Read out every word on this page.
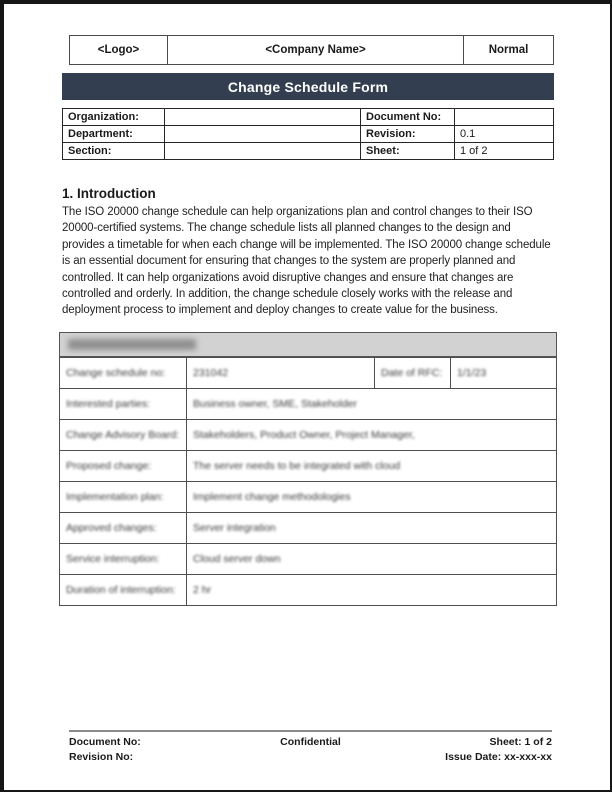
<Logo>	<Company Name>	Normal
Change Schedule Form
Organization:		Document No:	
Department:		Revision:	0.1
Section:		Sheet:	1 of 2
1. Introduction
The ISO 20000 change schedule can help organizations plan and control changes to their ISO 20000-certified systems. The change schedule lists all planned changes to the design and provides a timetable for when each change will be implemented. The ISO 20000 change schedule is an essential document for ensuring that changes to the system are properly planned and controlled. It can help organizations avoid disruptive changes and ensure that changes are controlled and orderly. In addition, the change schedule closely works with the release and deployment process to implement and deploy changes to create value for the business.
Change schedule no:	231042	Date of RFC:	1/1/23
Interested parties:	Business owner, SME, Stakeholder		
Change Advisory Board:	Stakeholders, Product Owner, Project Manager,		
Proposed change:	The server needs to be integrated with cloud		
Implementation plan:	Implement change methodologies		
Approved changes:	Server integration		
Service interruption:	Cloud server down		
Duration of interruption:	2 hr		
Document No:
Revision No:
Confidential	Sheet: 1 of 2
Issue Date: xx-xxx-xx
